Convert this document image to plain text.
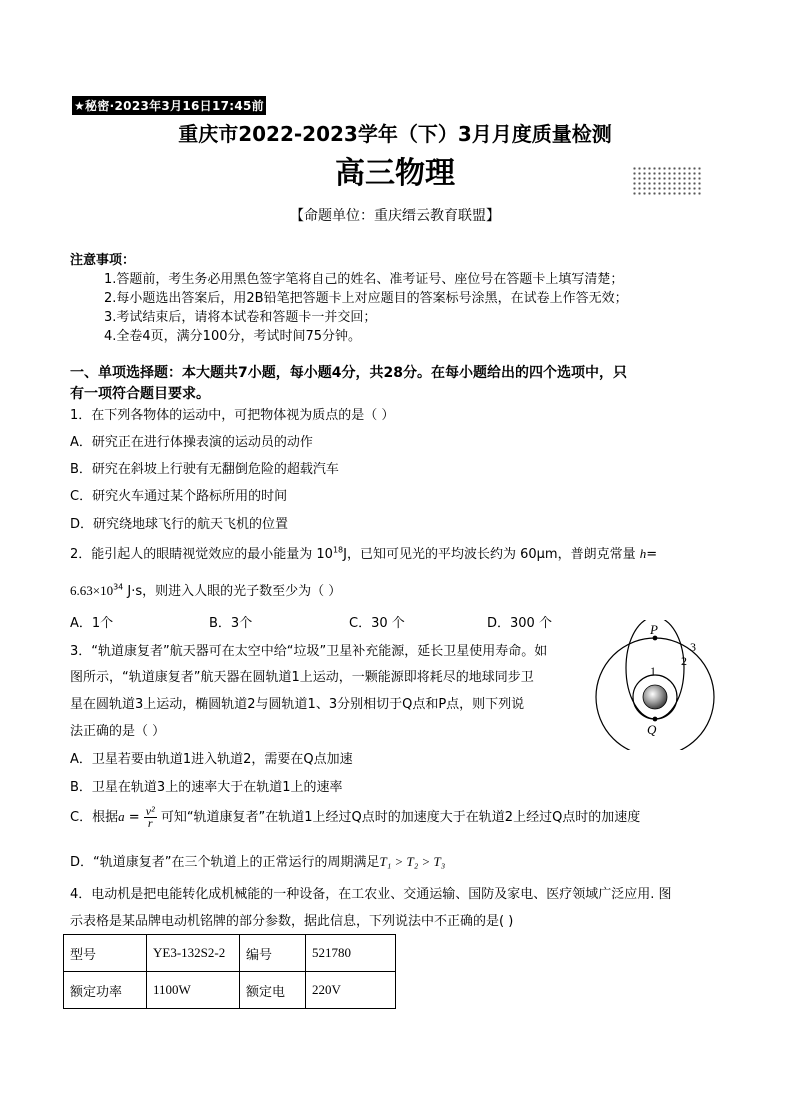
★秘密·2023年3月16日17:45前
重庆市2022-2023学年（下）3月月度质量检测
高三物理
【命题单位：重庆缙云教育联盟】
注意事项：
1.答题前，考生务必用黑色签字笔将自己的姓名、准考证号、座位号在答题卡上填写清楚；
2.每小题选出答案后，用2B铅笔把答题卡上对应题目的答案标号涂黑，在试卷上作答无效；
3.考试结束后，请将本试卷和答题卡一并交回；
4.全卷4页，满分100分，考试时间75分钟。
一、单项选择题：本大题共7小题，每小题4分，共28分。在每小题给出的四个选项中，只
有一项符合题目要求。
1．在下列各物体的运动中，可把物体视为质点的是（ ）
A．研究正在进行体操表演的运动员的动作
B．研究在斜坡上行驶有无翻倒危险的超载汽车
C．研究火车通过某个路标所用的时间
D．研究绕地球飞行的航天飞机的位置
2．能引起人的眼睛视觉效应的最小能量为 $10^{18}J$，已知可见光的平均波长约为 60μm，普朗克常量 h=
$6.63\times 10^{34}$ J·s，则进入人眼的光子数至少为（ ）
A．1个	B．3个	C．30 个	D．300 个
3．“轨道康复者”航天器可在太空中给“垃圾”卫星补充能源，延长卫星使用寿命。如
图所示，“轨道康复者”航天器在圆轨道1上运动，一颗能源即将耗尽的地球同步卫
星在圆轨道3上运动，椭圆轨道2与圆轨道1、3分别相切于Q点和P点，则下列说
法正确的是（ ）
A．卫星若要由轨道1进入轨道2，需要在Q点加速
B．卫星在轨道3上的速率大于在轨道1上的速率
C．根据$a = \frac{\text{v²}}{r}$ 可知“轨道康复者”在轨道1上经过Q点时的加速度大于在轨道2上经过Q点时的加速度
D．“轨道康复者”在三个轨道上的正常运行的周期满足T₁ > T₂ > T₃
P
Q
1
2
3
4．电动机是把电能转化成机械能的一种设备，在工农业、交通运输、国防及家电、医疗领域广泛应用. 图
示表格是某品牌电动机铭牌的部分参数，据此信息，下列说法中不正确的是( )
型号	YE3-132S2-2	编号	521780
额定功率	1100W	额定电	220V
